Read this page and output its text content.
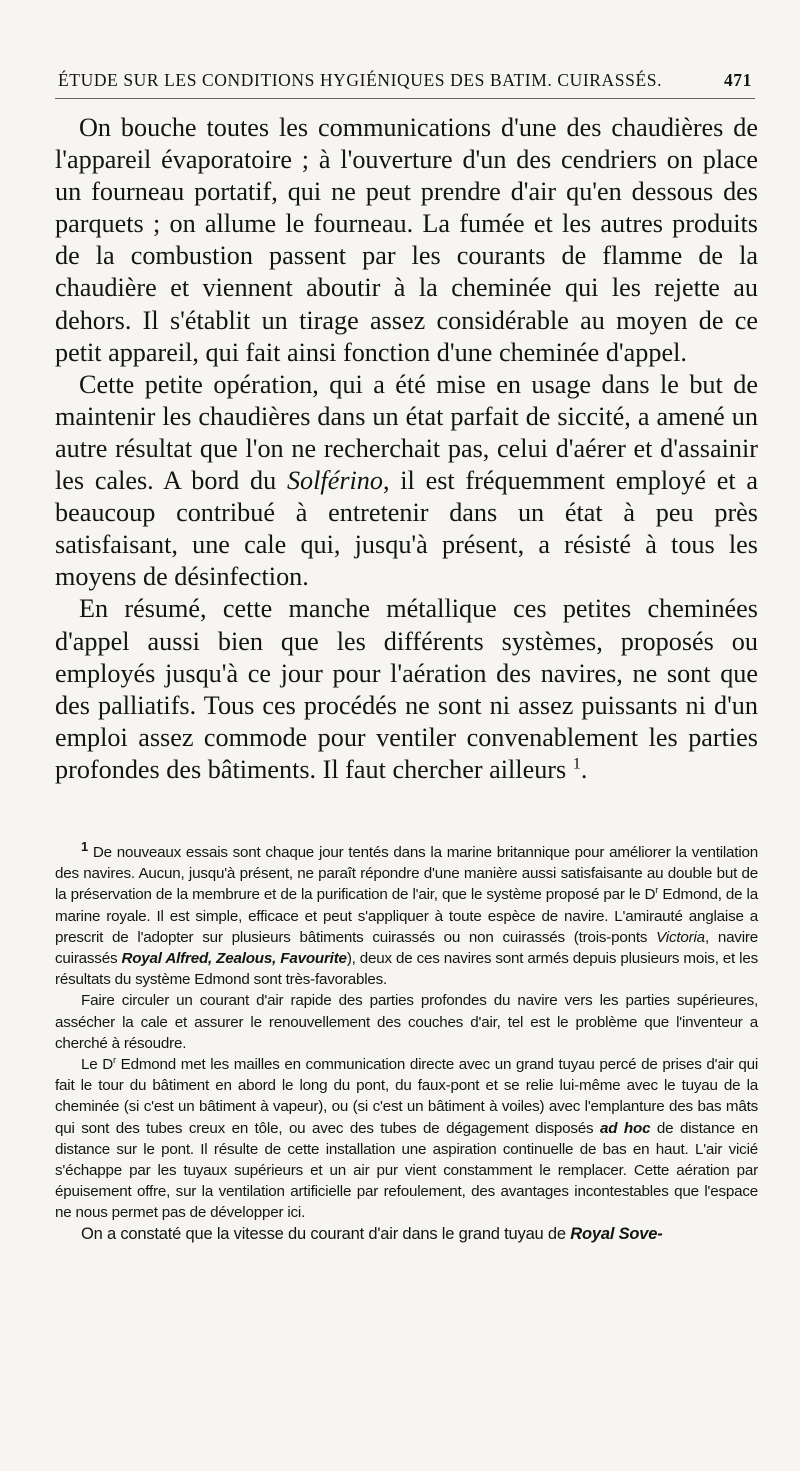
ÉTUDE SUR LES CONDITIONS HYGIÉNIQUES DES BATIM. CUIRASSÉS.	471

On bouche toutes les communications d'une des chaudières de l'appareil évaporatoire ; à l'ouverture d'un des cendriers on place un fourneau portatif, qui ne peut prendre d'air qu'en dessous des parquets ; on allume le fourneau. La fumée et les autres produits de la combustion passent par les courants de flamme de la chaudière et viennent aboutir à la cheminée qui les rejette au dehors. Il s'établit un tirage assez considérable au moyen de ce petit appareil, qui fait ainsi fonction d'une cheminée d'appel.

Cette petite opération, qui a été mise en usage dans le but de maintenir les chaudières dans un état parfait de siccité, a amené un autre résultat que l'on ne recherchait pas, celui d'aérer et d'assainir les cales. A bord du Solférino, il est fréquemment employé et a beaucoup contribué à entretenir dans un état à peu près satisfaisant, une cale qui, jusqu'à présent, a résisté à tous les moyens de désinfection.

En résumé, cette manche métallique ces petites cheminées d'appel aussi bien que les différents systèmes, proposés ou employés jusqu'à ce jour pour l'aération des navires, ne sont que des palliatifs. Tous ces procédés ne sont ni assez puissants ni d'un emploi assez commode pour ventiler convenablement les parties profondes des bâtiments. Il faut chercher ailleurs $^1$.

$^1$ De nouveaux essais sont chaque jour tentés dans la marine britannique pour améliorer la ventilation des navires. Aucun, jusqu'à présent, ne paraît répondre d'une manière aussi satisfaisante au double but de la préservation de la membrure et de la purification de l'air, que le système proposé par le $D^r$ Edmond, de la marine royale. Il est simple, efficace et peut s'appliquer à toute espèce de navire. L'amirauté anglaise a prescrit de l'adopter sur plusieurs bâtiments cuirassés ou non cuirassés (trois-ponts Victoria, navire cuirassés Royal Alfred, Zealous, Favourite), deux de ces navires sont armés depuis plusieurs mois, et les résultats du système Edmond sont très-favorables.

Faire circuler un courant d'air rapide des parties profondes du navire vers les parties supérieures, assécher la cale et assurer le renouvellement des couches d'air, tel est le problème que l'inventeur a cherché à résoudre.

Le $D^r$ Edmond met les mailles en communication directe avec un grand tuyau percé de prises d'air qui fait le tour du bâtiment en abord le long du pont, du faux-pont et se relie lui-même avec le tuyau de la cheminée (si c'est un bâtiment à vapeur), ou (si c'est un bâtiment à voiles) avec l'emplanture des bas mâts qui sont des tubes creux en tôle, ou avec des tubes de dégagement disposés ad hoc de distance en distance sur le pont. Il résulte de cette installation une aspiration continuelle de bas en haut. L'air vicié s'échappe par les tuyaux supérieurs et un air pur vient constamment le remplacer. Cette aération par épuisement offre, sur la ventilation artificielle par refoulement, des avantages incontestables que l'espace ne nous permet pas de développer ici.

On a constaté que la vitesse du courant d'air dans le grand tuyau de Royal Sove-
